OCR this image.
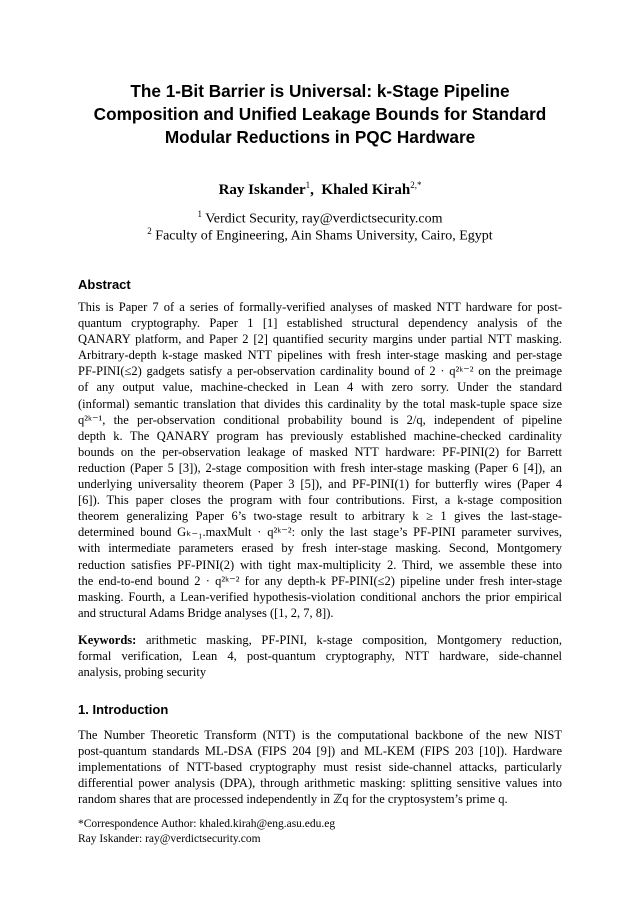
The 1-Bit Barrier is Universal: k-Stage Pipeline
Composition and Unified Leakage Bounds for Standard
Modular Reductions in PQC Hardware
Ray Iskander$^1$,  Khaled Kirah$^{2,*}$
$^1$ Verdict Security, ray@verdictsecurity.com
$^2$ Faculty of Engineering, Ain Shams University, Cairo, Egypt
Abstract
This is Paper 7 of a series of formally-verified analyses of masked NTT hardware for post-
quantum cryptography. Paper 1 [1] established structural dependency analysis of the
QANARY platform, and Paper 2 [2] quantified security margins under partial NTT masking.
Arbitrary-depth k-stage masked NTT pipelines with fresh inter-stage masking and per-stage
PF-PINI(≤2) gadgets satisfy a per-observation cardinality bound of 2 · q²ᵏ⁻² on the preimage
of any output value, machine-checked in Lean 4 with zero sorry. Under the standard
(informal) semantic translation that divides this cardinality by the total mask-tuple space size
q²ᵏ⁻¹, the per-observation conditional probability bound is 2/q, independent of pipeline
depth k. The QANARY program has previously established machine-checked cardinality
bounds on the per-observation leakage of masked NTT hardware: PF-PINI(2) for Barrett
reduction (Paper 5 [3]), 2-stage composition with fresh inter-stage masking (Paper 6 [4]), an
underlying universality theorem (Paper 3 [5]), and PF-PINI(1) for butterfly wires (Paper 4
[6]). This paper closes the program with four contributions. First, a k-stage composition
theorem generalizing Paper 6’s two-stage result to arbitrary k ≥ 1 gives the last-stage-
determined bound Gₖ₋₁.maxMult · q²ᵏ⁻²: only the last stage’s PF-PINI parameter survives,
with intermediate parameters erased by fresh inter-stage masking. Second, Montgomery
reduction satisfies PF-PINI(2) with tight max-multiplicity 2. Third, we assemble these into
the end-to-end bound 2 · q²ᵏ⁻² for any depth-k PF-PINI(≤2) pipeline under fresh inter-stage
masking. Fourth, a Lean-verified hypothesis-violation conditional anchors the prior empirical
and structural Adams Bridge analyses ([1, 2, 7, 8]).
Keywords: arithmetic masking, PF-PINI, k-stage composition, Montgomery reduction,
formal verification, Lean 4, post-quantum cryptography, NTT hardware, side-channel
analysis, probing security
1. Introduction
The Number Theoretic Transform (NTT) is the computational backbone of the new NIST
post-quantum standards ML-DSA (FIPS 204 [9]) and ML-KEM (FIPS 203 [10]). Hardware
implementations of NTT-based cryptography must resist side-channel attacks, particularly
differential power analysis (DPA), through arithmetic masking: splitting sensitive values into
random shares that are processed independently in ℤq for the cryptosystem’s prime q.
*Correspondence Author: khaled.kirah@eng.asu.edu.eg
Ray Iskander: ray@verdictsecurity.com
